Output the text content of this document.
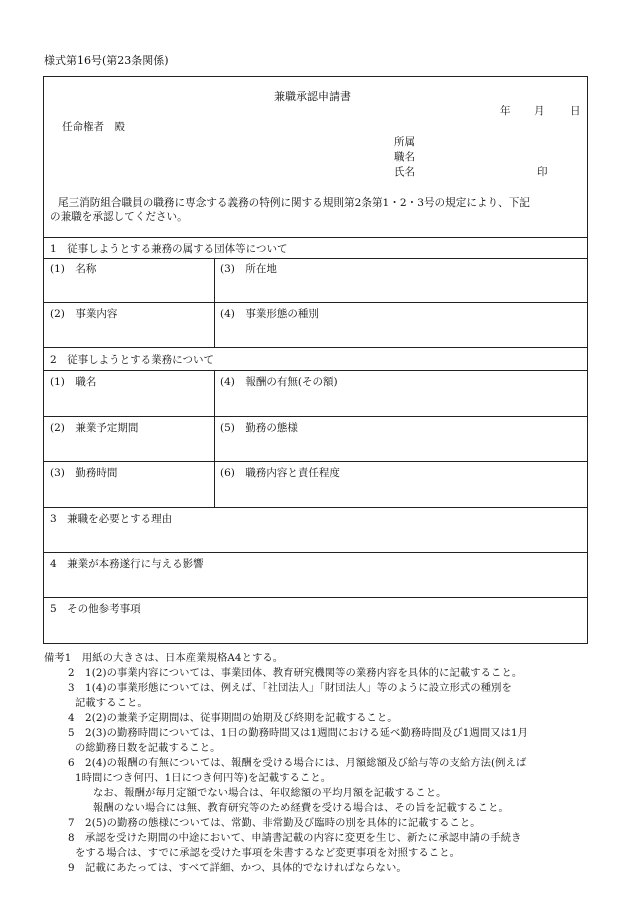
様式第16号(第23条関係)
兼職承認申請書
年 月 日
任命権者　殿
所属
職名
氏名	印
尾三消防組合職員の職務に専念する義務の特例に関する規則第2条第1・2・3号の規定により、下記
の兼職を承認してください。
1　従事しようとする兼務の属する団体等について
(1)　名称	(3)　所在地
(2)　事業内容	(4)　事業形態の種別
2　従事しようとする業務について
(1)　職名	(4)　報酬の有無(その額)
(2)　兼業予定期間	(5)　勤務の態様
(3)　勤務時間	(6)　職務内容と責任程度
3　兼職を必要とする理由
4　兼業が本務遂行に与える影響
5　その他参考事項
備考1　用紙の大きさは、日本産業規格A4とする。
2　1(2)の事業内容については、事業団体、教育研究機関等の業務内容を具体的に記載すること。
3　1(4)の事業形態については、例えば、「社団法人」「財団法人」等のように設立形式の種別を
記載すること。
4　2(2)の兼業予定期間は、従事期間の始期及び終期を記載すること。
5　2(3)の勤務時間については、1日の勤務時間又は1週間における延べ勤務時間及び1週間又は1月
の総勤務日数を記載すること。
6　2(4)の報酬の有無については、報酬を受ける場合には、月額総額及び給与等の支給方法(例えば
1時間につき何円、1日につき何円等)を記載すること。
なお、報酬が毎月定額でない場合は、年収総額の平均月額を記載すること。
報酬のない場合には無、教育研究等のため経費を受ける場合は、その旨を記載すること。
7　2(5)の勤務の態様については、常勤、非常勤及び臨時の別を具体的に記載すること。
8　承認を受けた期間の中途において、申請書記載の内容に変更を生じ、新たに承認申請の手続き
をする場合は、すでに承認を受けた事項を朱書するなど変更事項を対照すること。
9　記載にあたっては、すべて詳細、かつ、具体的でなければならない。
